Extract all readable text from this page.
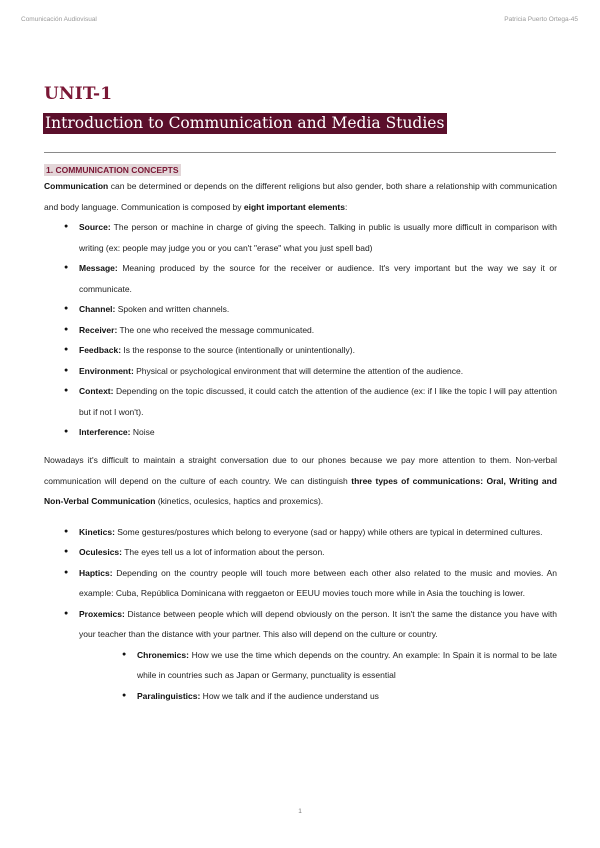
Comunicación Audiovisual	Patricia Puerto Ortega-45
UNIT-1
Introduction to Communication and Media Studies
1. COMMUNICATION CONCEPTS

Communication can be determined or depends on the different religions but also gender, both share a relationship with communication and body language. Communication is composed by eight important elements:

● Source: The person or machine in charge of giving the speech. Talking in public is usually more difficult in comparison with writing (ex: people may judge you or you can't "erase" what you just spell bad)
● Message: Meaning produced by the source for the receiver or audience. It's very important but the way we say it or communicate.
● Channel: Spoken and written channels.
● Receiver: The one who received the message communicated.
● Feedback: Is the response to the source (intentionally or unintentionally).
● Environment: Physical or psychological environment that will determine the attention of the audience.
● Context: Depending on the topic discussed, it could catch the attention of the audience (ex: if I like the topic I will pay attention but if not I won't).
● Interference: Noise

Nowadays it's difficult to maintain a straight conversation due to our phones because we pay more attention to them. Non-verbal communication will depend on the culture of each country. We can distinguish three types of communications: Oral, Writing and Non-Verbal Communication (kinetics, oculesics, haptics and proxemics).

● Kinetics: Some gestures/postures which belong to everyone (sad or happy) while others are typical in determined cultures.
● Oculesics: The eyes tell us a lot of information about the person.
● Haptics: Depending on the country people will touch more between each other also related to the music and movies. An example: Cuba, República Dominicana with reggaeton or EEUU movies touch more while in Asia the touching is lower.
● Proxemics: Distance between people which will depend obviously on the person. It isn't the same the distance you have with your teacher than the distance with your partner. This also will depend on the culture or country.
● Chronemics: How we use the time which depends on the country. An example: In Spain it is normal to be late while in countries such as Japan or Germany, punctuality is essential
● Paralinguistics: How we talk and if the audience understand us
1
